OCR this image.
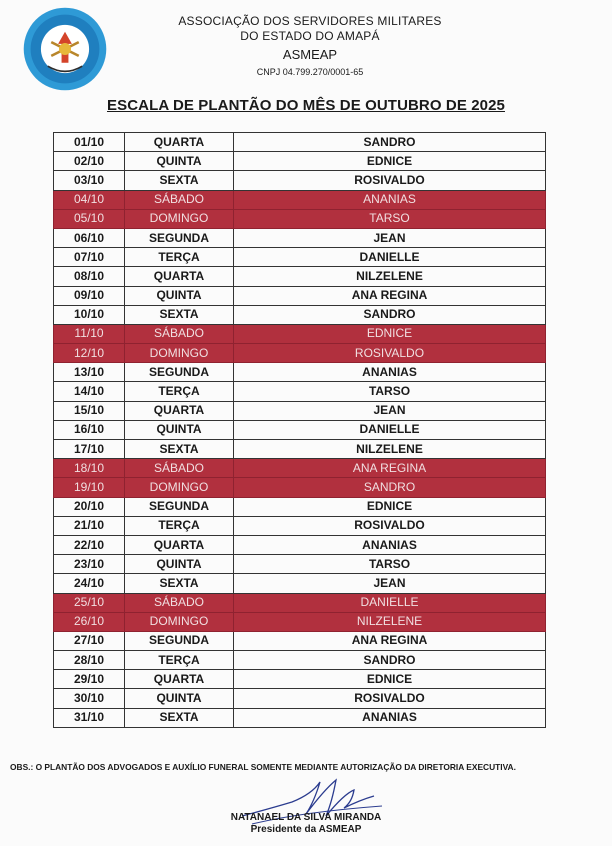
ASSOCIAÇÃO DOS SERVIDORES MILITARES
DO ESTADO DO AMAPÁ
ASMEAP
CNPJ 04.799.270/0001-65
ESCALA DE PLANTÃO DO MÊS DE OUTUBRO DE 2025
01/10	QUARTA	SANDRO
02/10	QUINTA	EDNICE
03/10	SEXTA	ROSIVALDO
04/10	SÁBADO	ANANIAS
05/10	DOMINGO	TARSO
06/10	SEGUNDA	JEAN
07/10	TERÇA	DANIELLE
08/10	QUARTA	NILZELENE
09/10	QUINTA	ANA REGINA
10/10	SEXTA	SANDRO
11/10	SÁBADO	EDNICE
12/10	DOMINGO	ROSIVALDO
13/10	SEGUNDA	ANANIAS
14/10	TERÇA	TARSO
15/10	QUARTA	JEAN
16/10	QUINTA	DANIELLE
17/10	SEXTA	NILZELENE
18/10	SÁBADO	ANA REGINA
19/10	DOMINGO	SANDRO
20/10	SEGUNDA	EDNICE
21/10	TERÇA	ROSIVALDO
22/10	QUARTA	ANANIAS
23/10	QUINTA	TARSO
24/10	SEXTA	JEAN
25/10	SÁBADO	DANIELLE
26/10	DOMINGO	NILZELENE
27/10	SEGUNDA	ANA REGINA
28/10	TERÇA	SANDRO
29/10	QUARTA	EDNICE
30/10	QUINTA	ROSIVALDO
31/10	SEXTA	ANANIAS
OBS.: O PLANTÃO DOS ADVOGADOS E AUXÍLIO FUNERAL SOMENTE MEDIANTE AUTORIZAÇÃO DA DIRETORIA EXECUTIVA.
NATANAEL DA SILVA MIRANDA
Presidente da ASMEAP
